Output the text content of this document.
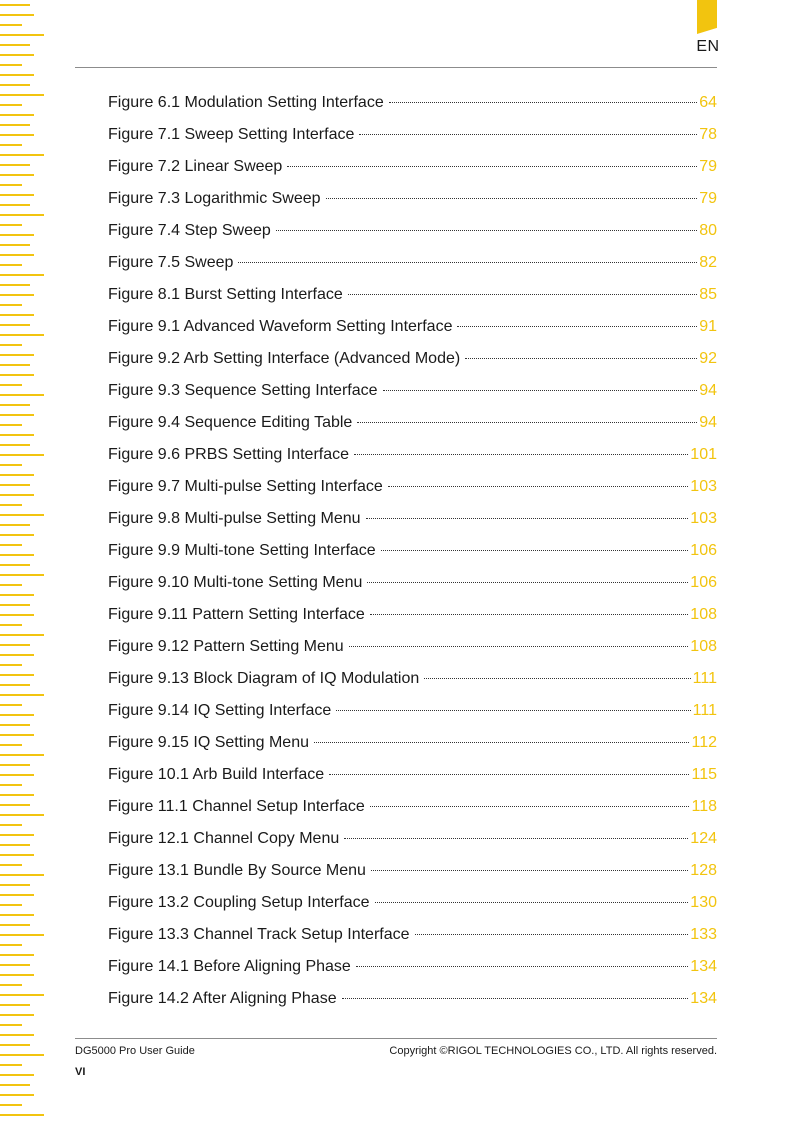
EN
Figure 6.1 Modulation Setting Interface	64
Figure 7.1 Sweep Setting Interface	78
Figure 7.2 Linear Sweep	79
Figure 7.3 Logarithmic Sweep	79
Figure 7.4 Step Sweep	80
Figure 7.5 Sweep	82
Figure 8.1 Burst Setting Interface	85
Figure 9.1 Advanced Waveform Setting Interface	91
Figure 9.2 Arb Setting Interface (Advanced Mode)	92
Figure 9.3 Sequence Setting Interface	94
Figure 9.4 Sequence Editing Table	94
Figure 9.6 PRBS Setting Interface	101
Figure 9.7 Multi-pulse Setting Interface	103
Figure 9.8 Multi-pulse Setting Menu	103
Figure 9.9 Multi-tone Setting Interface	106
Figure 9.10 Multi-tone Setting Menu	106
Figure 9.11 Pattern Setting Interface	108
Figure 9.12 Pattern Setting Menu	108
Figure 9.13 Block Diagram of IQ Modulation	111
Figure 9.14 IQ Setting Interface	111
Figure 9.15 IQ Setting Menu	112
Figure 10.1 Arb Build Interface	115
Figure 11.1 Channel Setup Interface	118
Figure 12.1 Channel Copy Menu	124
Figure 13.1 Bundle By Source Menu	128
Figure 13.2 Coupling Setup Interface	130
Figure 13.3 Channel Track Setup Interface	133
Figure 14.1 Before Aligning Phase	134
Figure 14.2 After Aligning Phase	134
DG5000 Pro User Guide	Copyright ©RIGOL TECHNOLOGIES CO., LTD. All rights reserved.
VI
